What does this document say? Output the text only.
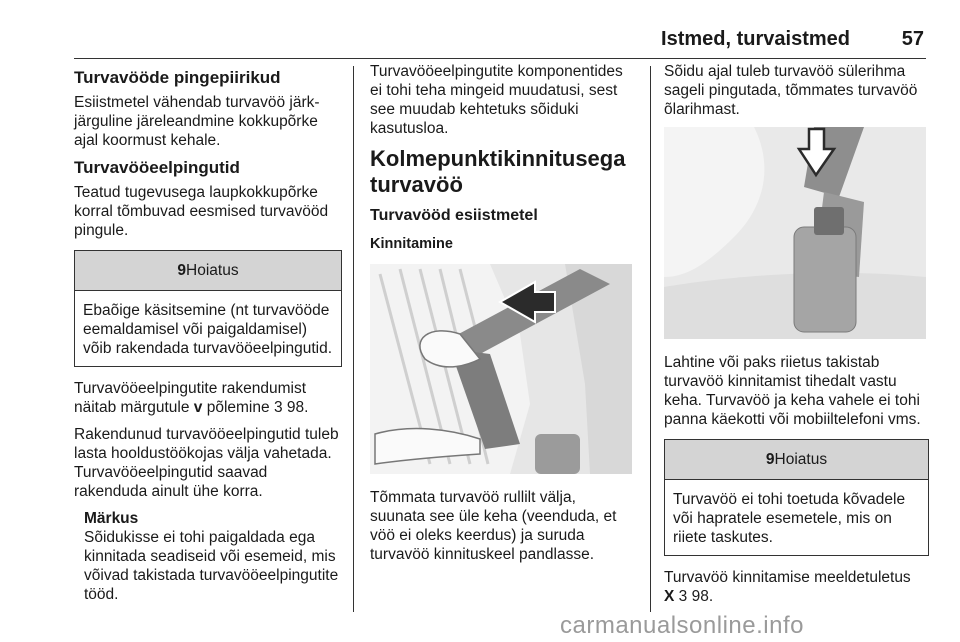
Istmed, turvaistmed	57
Turvavööde pingepiirikud

Esiistmetel vähendab turvavöö järk-järguline järeleandmine kokkupõrke ajal koormust kehale.

Turvavööeelpingutid

Teatud tugevusega laupkokkupõrke korral tõmbuvad eesmised turvavööd pingule.

9Hoiatus
Ebaõige käsitsemine (nt turvavööde eemaldamisel või paigaldamisel) võib rakendada turvavööeelpingutid.

Turvavööeelpingutite rakendumist näitab märgutule v põlemine 3 98.

Rakendunud turvavööeelpingutid tuleb lasta hooldustöökojas välja vahetada. Turvavööeelpingutid saavad rakenduda ainult ühe korra.

Märkus
Sõidukisse ei tohi paigaldada ega kinnitada seadiseid või esemeid, mis võivad takistada turvavööeelpingutite tööd.

Turvavööeelpingutite komponentides ei tohi teha mingeid muudatusi, sest see muudab kehtetuks sõiduki kasutusloa.

Kolmepunktikinnitusega turvavöö
Turvavööd esiistmetel
Kinnitamine

Tõmmata turvavöö rullilt välja, suunata see üle keha (veenduda, et vöö ei oleks keerdus) ja suruda turvavöö kinnituskeel pandlasse.

Sõidu ajal tuleb turvavöö sülerihma sageli pingutada, tõmmates turvavöö õlarihmast.

Lahtine või paks riietus takistab turvavöö kinnitamist tihedalt vastu keha. Turvavöö ja keha vahele ei tohi panna käekotti või mobiiltelefoni vms.

9Hoiatus
Turvavöö ei tohi toetuda kõvadele või hapratele esemetele, mis on riiete taskutes.

Turvavöö kinnitamise meeldetuletus
X 3 98.

carmanualsonline.info
